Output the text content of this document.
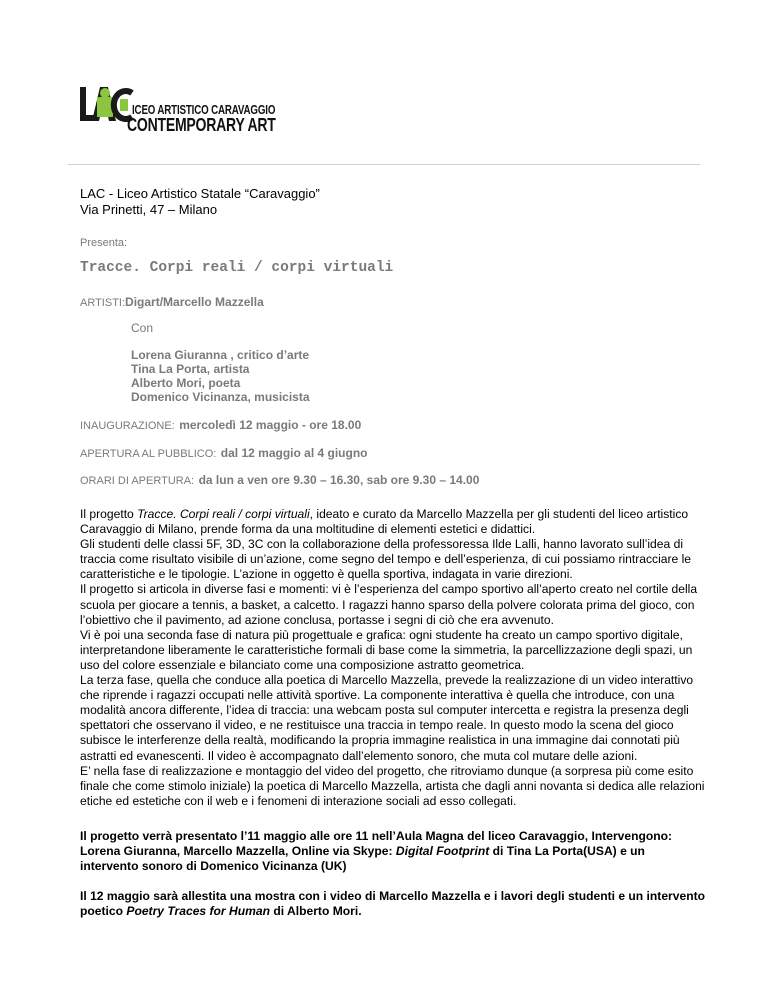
ICEO ARTISTICO CARAVAGGIO
CONTEMPORARY ART
LAC - Liceo Artistico Statale “Caravaggio”
Via Prinetti, 47 – Milano
Presenta:
Tracce. Corpi reali / corpi virtuali
ARTISTI:Digart/Marcello Mazzella
Con
Lorena Giuranna , critico d’arte
Tina La Porta, artista
Alberto Mori, poeta
Domenico Vicinanza, musicista
INAUGURAZIONE: mercoledì 12 maggio - ore 18.00
APERTURA AL PUBBLICO: dal 12 maggio al 4 giugno
ORARI DI APERTURA: da lun a ven ore 9.30 – 16.30, sab ore 9.30 – 14.00

Il progetto Tracce. Corpi reali / corpi virtuali, ideato e curato da Marcello Mazzella per gli studenti del liceo artistico Caravaggio di Milano, prende forma da una moltitudine di elementi estetici e didattici.

Gli studenti delle classi 5F, 3D, 3C con la collaborazione della professoressa Ilde Lalli, hanno lavorato sull’idea di traccia come risultato visibile di un’azione, come segno del tempo e dell’esperienza, di cui possiamo rintracciare le caratteristiche e le tipologie. L’azione in oggetto è quella sportiva, indagata in varie direzioni.

Il progetto si articola in diverse fasi e momenti: vi è l’esperienza del campo sportivo all’aperto creato nel cortile della scuola per giocare a tennis, a basket, a calcetto. I ragazzi hanno sparso della polvere colorata prima del gioco, con l’obiettivo che il pavimento, ad azione conclusa, portasse i segni di ciò che era avvenuto.

Vi è poi una seconda fase di natura più progettuale e grafica: ogni studente ha creato un campo sportivo digitale, interpretandone liberamente le caratteristiche formali di base come la simmetria, la parcellizzazione degli spazi, un uso del colore essenziale e bilanciato come una composizione astratto geometrica.

La terza fase, quella che conduce alla poetica di Marcello Mazzella, prevede la realizzazione di un video interattivo che riprende i ragazzi occupati nelle attività sportive. La componente interattiva è quella che introduce, con una modalità ancora differente, l’idea di traccia: una webcam posta sul computer intercetta e registra la presenza degli spettatori che osservano il video, e ne restituisce una traccia in tempo reale. In questo modo la scena del gioco subisce le interferenze della realtà, modificando la propria immagine realistica in una immagine dai connotati più astratti ed evanescenti. Il video è accompagnato dall’elemento sonoro, che muta col mutare delle azioni.

E’ nella fase di realizzazione e montaggio del video del progetto, che ritroviamo dunque (a sorpresa più come esito finale che come stimolo iniziale) la poetica di Marcello Mazzella, artista che dagli anni novanta si dedica alle relazioni etiche ed estetiche con il web e i fenomeni di interazione sociali ad esso collegati.

Il progetto verrà presentato l’11 maggio alle ore 11 nell’Aula Magna del liceo Caravaggio, Intervengono: Lorena Giuranna, Marcello Mazzella, Online via Skype: Digital Footprint di Tina La Porta(USA) e un intervento sonoro di Domenico Vicinanza (UK)

Il 12 maggio sarà allestita una mostra con i video di Marcello Mazzella e i lavori degli studenti e un intervento poetico Poetry Traces for Human di Alberto Mori.
